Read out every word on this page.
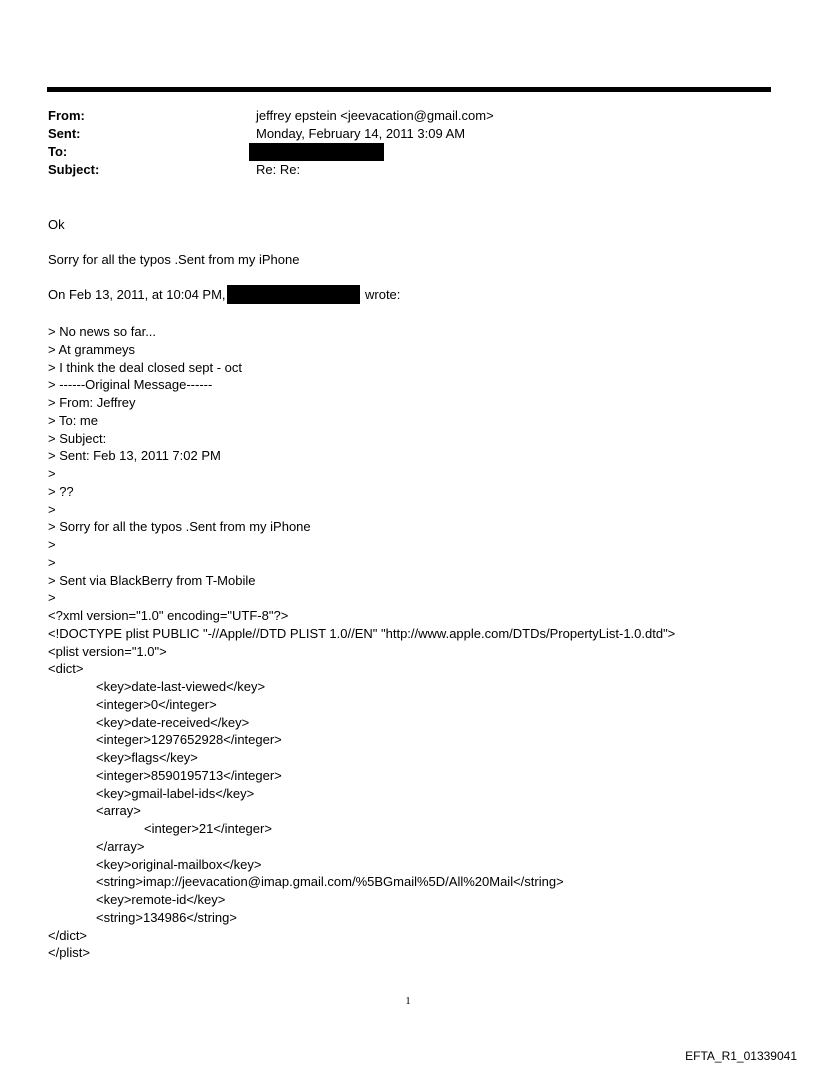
From:	jeffrey epstein <jeevacation@gmail.com>
Sent:	Monday, February 14, 2011 3:09 AM
To:
Subject:	Re: Re:
Ok
Sorry for all the typos .Sent from my iPhone
On Feb 13, 2011, at 10:04 PM,	wrote:
> No news so far...
> At grammeys
> I think the deal closed sept - oct
> ------Original Message------
> From: Jeffrey
> To: me
> Subject:
> Sent: Feb 13, 2011 7:02 PM
>
> ??
>
> Sorry for all the typos .Sent from my iPhone
>
>
> Sent via BlackBerry from T-Mobile
>
<?xml version="1.0" encoding="UTF-8"?>
<!DOCTYPE plist PUBLIC "-//Apple//DTD PLIST 1.0//EN" "http://www.apple.com/DTDs/PropertyList-1.0.dtd">
<plist version="1.0">
<dict>
<key>date-last-viewed</key>
<integer>0</integer>
<key>date-received</key>
<integer>1297652928</integer>
<key>flags</key>
<integer>8590195713</integer>
<key>gmail-label-ids</key>
<array>
<integer>21</integer>
</array>
<key>original-mailbox</key>
<string>imap://jeevacation@imap.gmail.com/%5BGmail%5D/All%20Mail</string>
<key>remote-id</key>
<string>134986</string>
</dict>
</plist>
1
EFTA_R1_01339041
